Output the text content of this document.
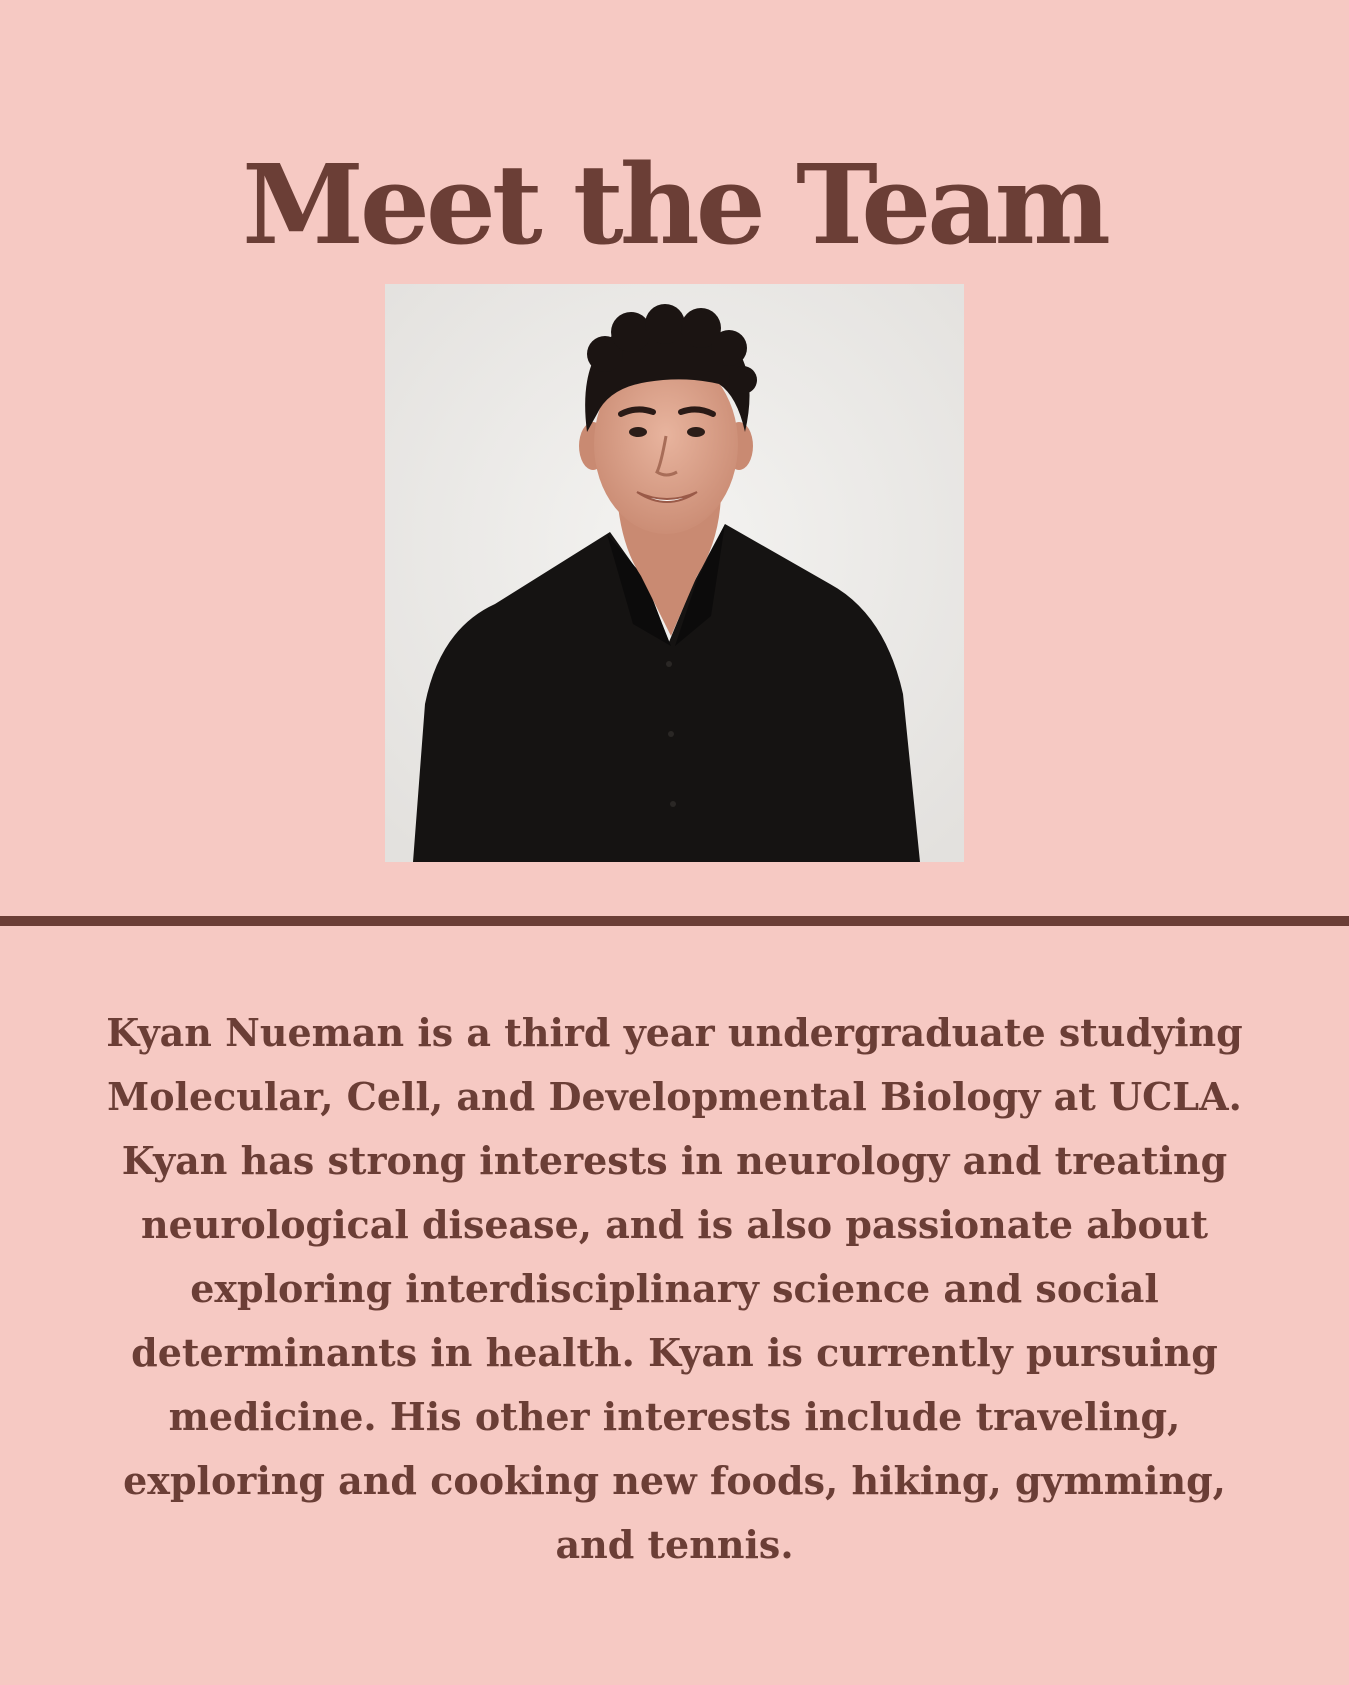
Meet the Team

Kyan Nueman is a third year undergraduate studying Molecular, Cell, and Developmental Biology at UCLA. Kyan has strong interests in neurology and treating neurological disease, and is also passionate about exploring interdisciplinary science and social determinants in health. Kyan is currently pursuing medicine. His other interests include traveling, exploring and cooking new foods, hiking, gymming, and tennis.
